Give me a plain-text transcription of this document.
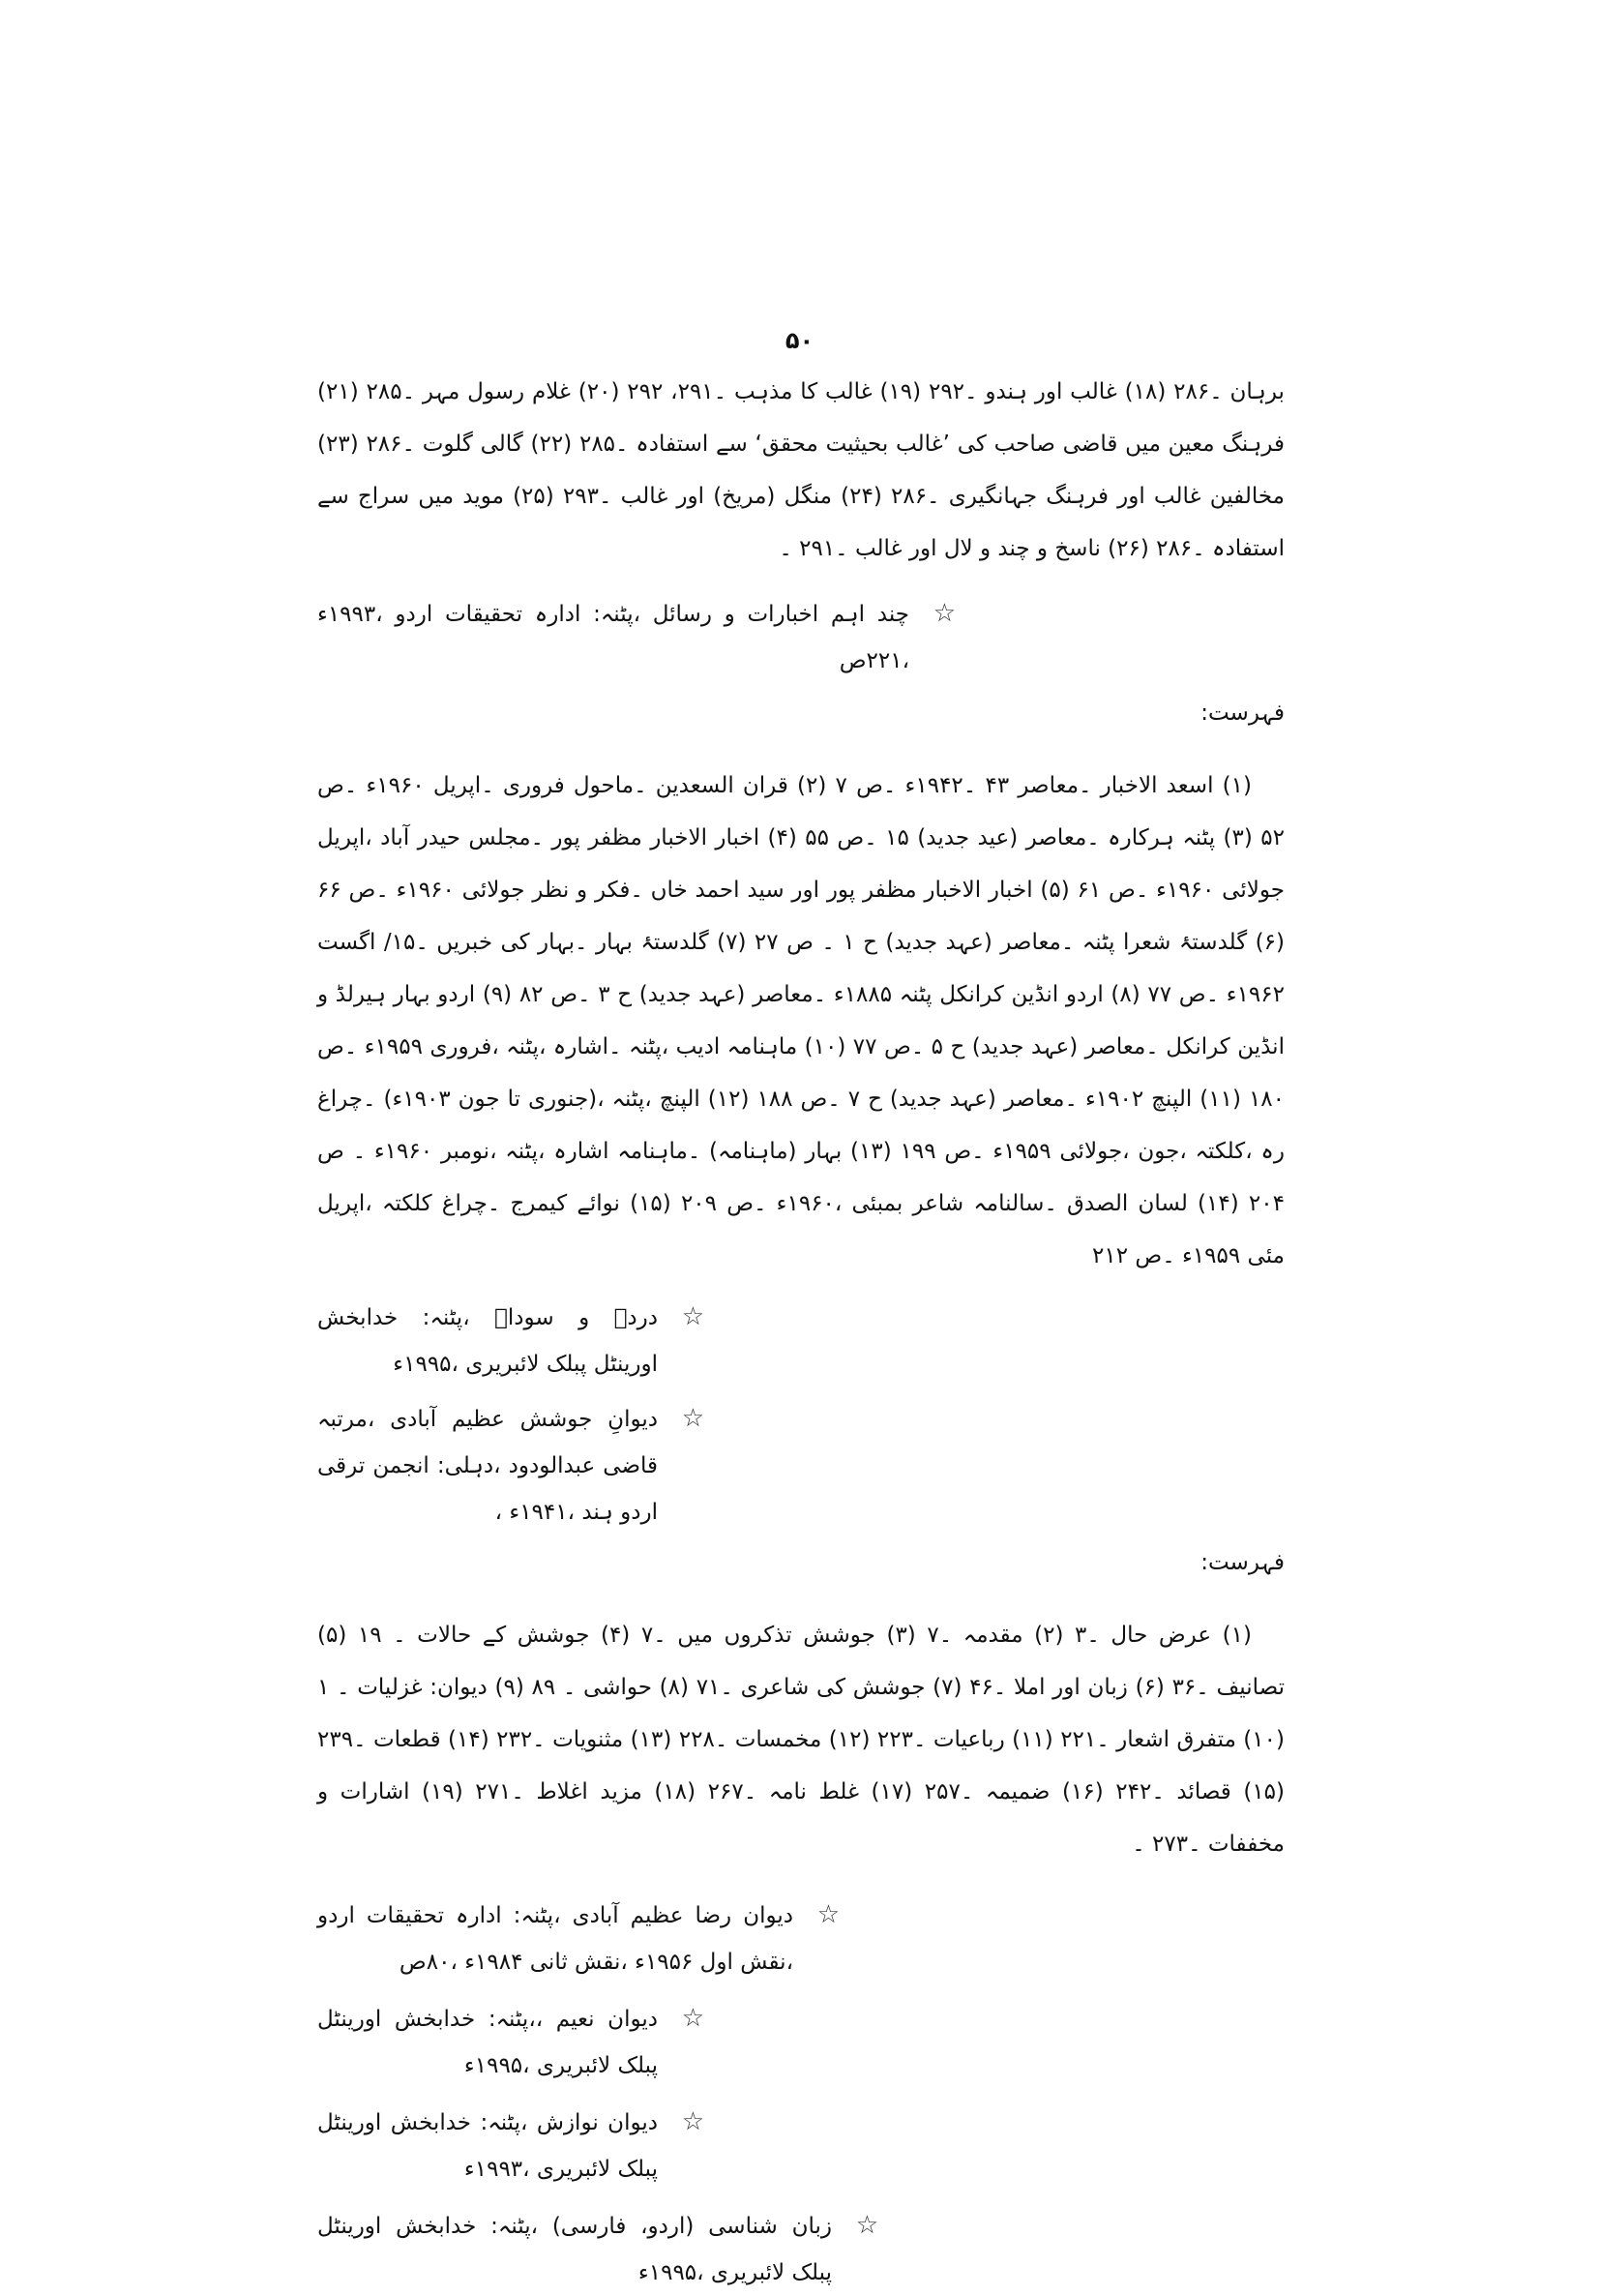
۵۰

برہان ۔۲۸۶ (۱۸) غالب اور ہندو ۔۲۹۲ (۱۹) غالب کا مذہب ۔۲۹۱، ۲۹۲ (۲۰) غلام رسول مہر ۔۲۸۵ (۲۱) فرہنگ معین میں قاضی صاحب کی ’غالب بحیثیت محقق‘ سے استفادہ ۔۲۸۵ (۲۲) گالی گلوت ۔۲۸۶ (۲۳) مخالفین غالب اور فرہنگ جہانگیری ۔۲۸۶ (۲۴) منگل (مریخ) اور غالب ۔۲۹۳ (۲۵) موید میں سراج سے استفادہ ۔۲۸۶ (۲۶) ناسخ و چند و لال اور غالب ۔۲۹۱ ۔

☆
چند اہم اخبارات و رسائل ،پٹنہ: ادارہ تحقیقات اردو ،۱۹۹۳ء ،۲۲۱ص

فہرست:

(۱) اسعد الاخبار ۔معاصر ۴۳ ۔۱۹۴۲ء ۔ص ۷ (۲) قران السعدین ۔ماحول فروری ۔اپریل ۱۹۶۰ء ۔ص ۵۲ (۳) پٹنہ ہرکارہ ۔معاصر (عید جدید) ۱۵ ۔ص ۵۵ (۴) اخبار الاخبار مظفر پور ۔مجلس حیدر آباد ،اپریل جولائی ۱۹۶۰ء ۔ص ۶۱ (۵) اخبار الاخبار مظفر پور اور سید احمد خاں ۔فکر و نظر جولائی ۱۹۶۰ء ۔ص ۶۶ (۶) گلدستۂ شعرا پٹنہ ۔معاصر (عہد جدید) ح ۱ ۔ ص ۲۷ (۷) گلدستۂ بہار ۔بہار کی خبریں ۔۱۵/ اگست ۱۹۶۲ء ۔ص ۷۷ (۸) اردو انڈین کرانکل پٹنہ ۱۸۸۵ء ۔معاصر (عہد جدید) ح ۳ ۔ص ۸۲ (۹) اردو بہار ہیرلڈ و انڈین کرانکل ۔معاصر (عہد جدید) ح ۵ ۔ص ۷۷ (۱۰) ماہنامہ ادیب ،پٹنہ ۔اشارہ ،پٹنہ ،فروری ۱۹۵۹ء ۔ص ۱۸۰ (۱۱) الپنچ ۱۹۰۲ء ۔معاصر (عہد جدید) ح ۷ ۔ص ۱۸۸ (۱۲) الپنچ ،پٹنہ ،(جنوری تا جون ۱۹۰۳ء) ۔چراغ رہ ،کلکتہ ،جون ،جولائی ۱۹۵۹ء ۔ص ۱۹۹ (۱۳) بہار (ماہنامہ) ۔ماہنامہ اشارہ ،پٹنہ ،نومبر ۱۹۶۰ء ۔ ص ۲۰۴ (۱۴) لسان الصدق ۔سالنامہ شاعر بمبئی ،۱۹۶۰ء ۔ص ۲۰۹ (۱۵) نوائے کیمرج ۔چراغ کلکتہ ،اپریل مئی ۱۹۵۹ء ۔ص ۲۱۲

☆
دردؔ و سوداؔ ،پٹنہ: خدابخش اورینٹل پبلک لائبریری ،۱۹۹۵ء
☆
دیوانِ جوشش عظیم آبادی ،مرتبہ قاضی عبدالودود ،دہلی: انجمن ترقی اردو ہند ،۱۹۴۱ء ،

فہرست:

(۱) عرض حال ۔۳ (۲) مقدمہ ۔۷ (۳) جوشش تذکروں میں ۔۷ (۴) جوشش کے حالات ۔ ۱۹ (۵) تصانیف ۔۳۶ (۶) زبان اور املا ۔۴۶ (۷) جوشش کی شاعری ۔۷۱ (۸) حواشی ۔ ۸۹ (۹) دیوان: غزلیات ۔ ۱ (۱۰) متفرق اشعار ۔۲۲۱ (۱۱) رباعیات ۔۲۲۳ (۱۲) مخمسات ۔۲۲۸ (۱۳) مثنویات ۔۲۳۲ (۱۴) قطعات ۔۲۳۹ (۱۵) قصائد ۔۲۴۲ (۱۶) ضمیمہ ۔۲۵۷ (۱۷) غلط نامہ ۔۲۶۷ (۱۸) مزید اغلاط ۔۲۷۱ (۱۹) اشارات و مخففات ۔۲۷۳ ۔

☆
دیوان رضا عظیم آبادی ،پٹنہ: ادارہ تحقیقات اردو ،نقش اول ۱۹۵۶ء ،نقش ثانی ۱۹۸۴ء ،۸۰ص
☆
دیوان نعیم ،،پٹنہ: خدابخش اورینٹل پبلک لائبریری ،۱۹۹۵ء
☆
دیوان نوازش ،پٹنہ: خدابخش اورینٹل پبلک لائبریری ،۱۹۹۳ء
☆
زبان شناسی (اردو، فارسی) ،پٹنہ: خدابخش اورینٹل پبلک لائبریری ،۱۹۹۵ء
